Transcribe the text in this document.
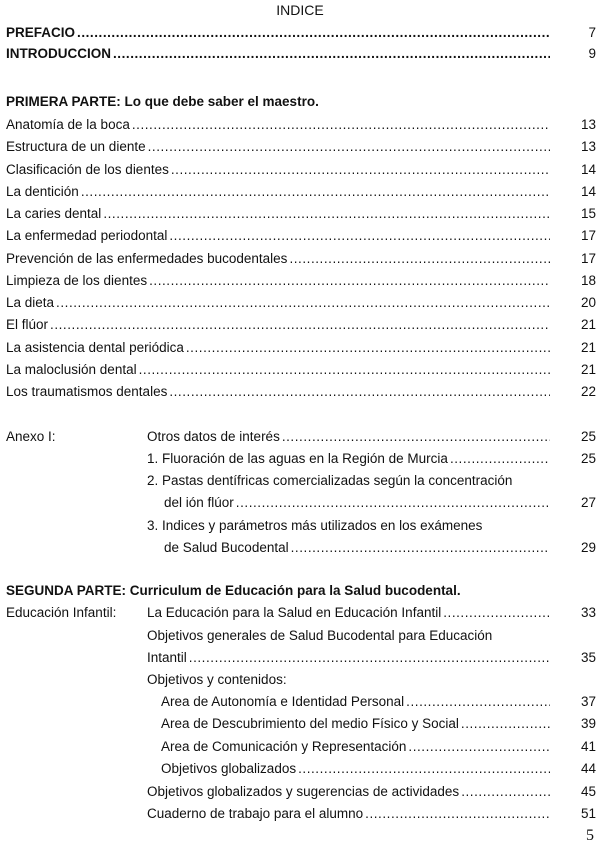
INDICE
PREFACIO . . .	7
INTRODUCCION . . .	9
PRIMERA PARTE: Lo que debe saber el maestro.
Anatomía de la boca . . .	13
Estructura de un diente . . .	13
Clasificación de los dientes . . .	14
La dentición . . .	14
La caries dental . . .	15
La enfermedad periodontal . . .	17
Prevención de las enfermedades bucodentales . . .	17
Limpieza de los dientes . . .	18
La dieta . . .	20
El flúor . . .	21
La asistencia dental periódica . . .	21
La maloclusión dental . . .	21
Los traumatismos dentales . . .	22
Anexo I:	Otros datos de interés . . .	25
1. Fluoración de las aguas en la Región de Murcia . . .	25
2. Pastas dentífricas comercializadas según la concentración
del ión flúor . . .	27
3. Indices y parámetros más utilizados en los exámenes
de Salud Bucodental . . .	29
SEGUNDA PARTE: Curriculum de Educación para la Salud bucodental.
Educación Infantil: La Educación para la Salud en Educación Infantil . . .	33
Objetivos generales de Salud Bucodental para Educación
Intantil . . .	35
Objetivos y contenidos:
Area de Autonomía e Identidad Personal . . .	37
Area de Descubrimiento del medio Físico y Social . . .	39
Area de Comunicación y Representación . . .	41
Objetivos globalizados . . .	44
Objetivos globalizados y sugerencias de actividades . . .	45
Cuaderno de trabajo para el alumno . . .	51
5
